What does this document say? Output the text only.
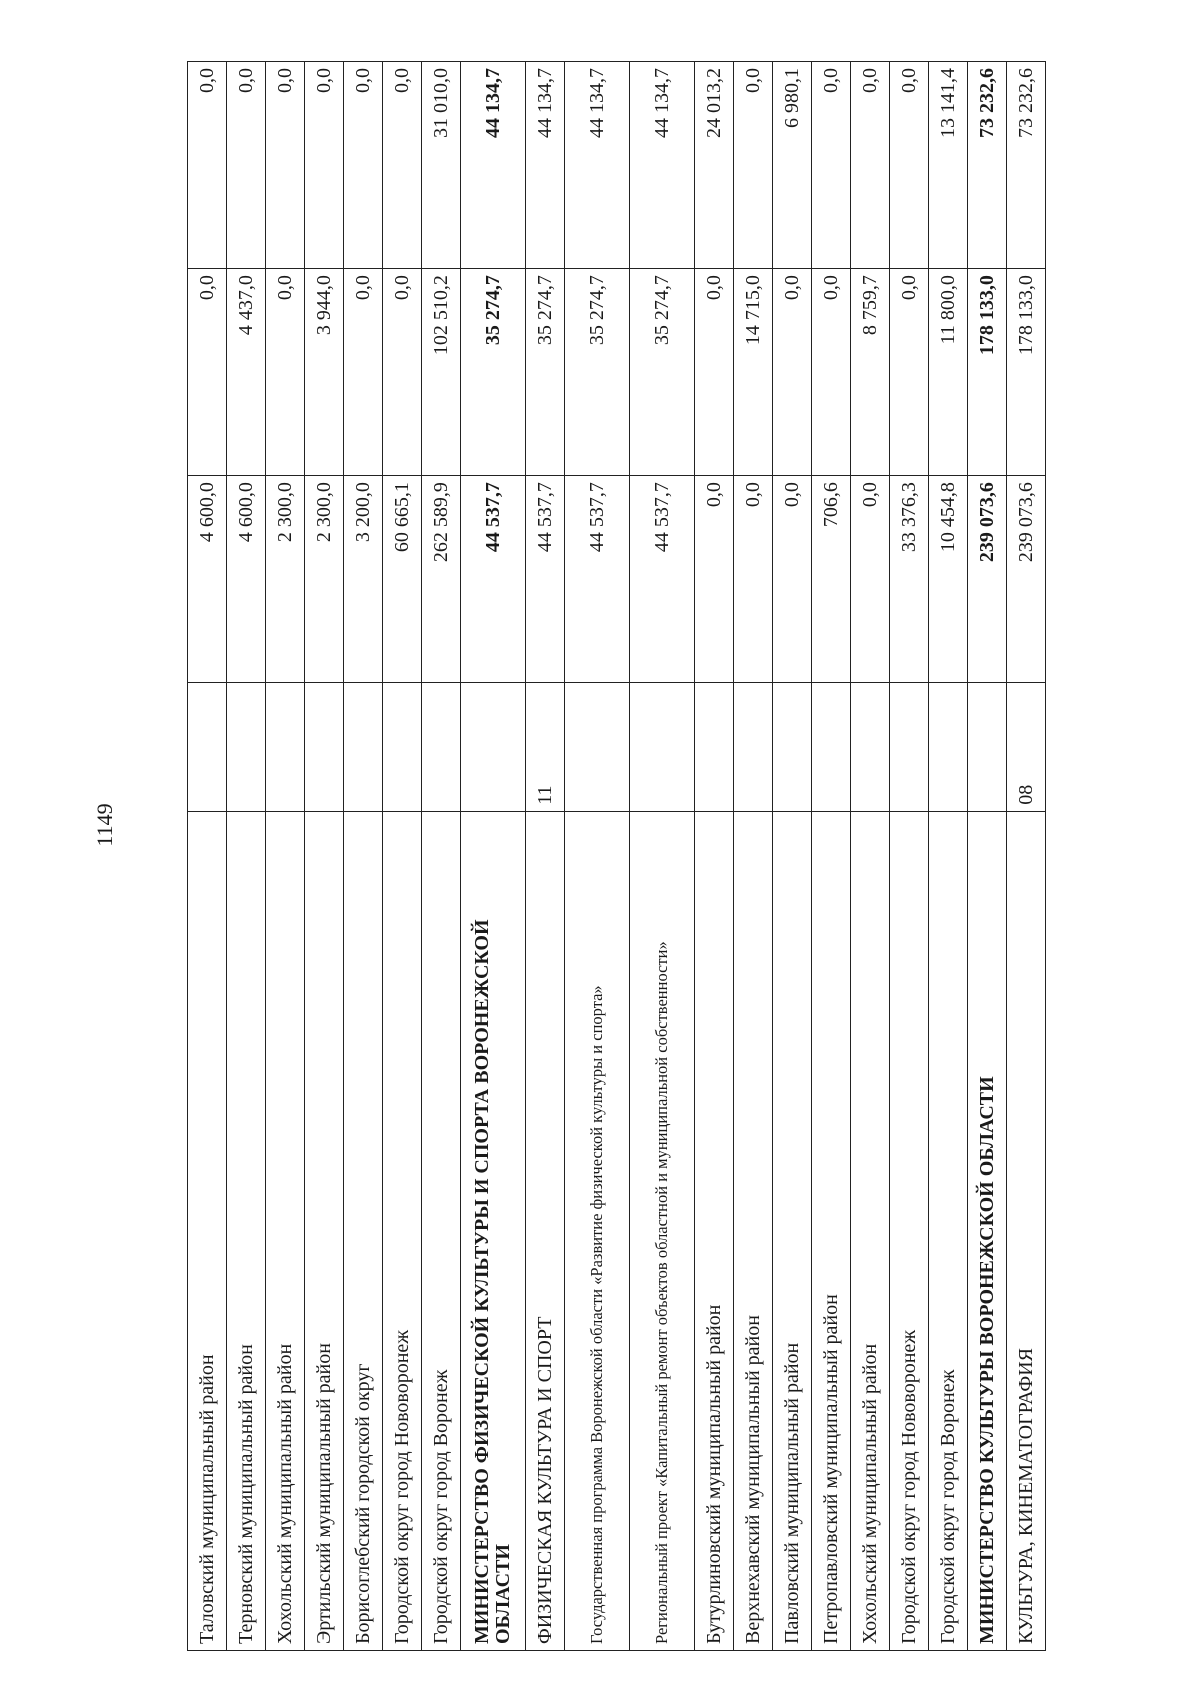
1149
Таловский муниципальный район		4 600,0	0,0	0,0
Терновский муниципальный район		4 600,0	4 437,0	0,0
Хохольский муниципальный район		2 300,0	0,0	0,0
Эртильский муниципальный район		2 300,0	3 944,0	0,0
Борисоглебский городской округ		3 200,0	0,0	0,0
Городской округ город Нововоронеж		60 665,1	0,0	0,0
Городской округ город Воронеж		262 589,9	102 510,2	31 010,0
МИНИСТЕРСТВО ФИЗИЧЕСКОЙ КУЛЬТУРЫ И СПОРТА ВОРОНЕЖСКОЙ ОБЛАСТИ		44 537,7	35 274,7	44 134,7
ФИЗИЧЕСКАЯ КУЛЬТУРА И СПОРТ	11	44 537,7	35 274,7	44 134,7
Государственная программа Воронежской области «Развитие физической культуры и спорта»		44 537,7	35 274,7	44 134,7
Региональный проект «Капитальный ремонт объектов областной и муниципальной собственности»		44 537,7	35 274,7	44 134,7
Бутурлиновский муниципальный район		0,0	0,0	24 013,2
Верхнехавский муниципальный район		0,0	14 715,0	0,0
Павловский муниципальный район		0,0	0,0	6 980,1
Петропавловский муниципальный район		706,6	0,0	0,0
Хохольский муниципальный район		0,0	8 759,7	0,0
Городской округ город Нововоронеж		33 376,3	0,0	0,0
Городской округ город Воронеж		10 454,8	11 800,0	13 141,4
МИНИСТЕРСТВО КУЛЬТУРЫ ВОРОНЕЖСКОЙ ОБЛАСТИ		239 073,6	178 133,0	73 232,6
КУЛЬТУРА, КИНЕМАТОГРАФИЯ	08	239 073,6	178 133,0	73 232,6
